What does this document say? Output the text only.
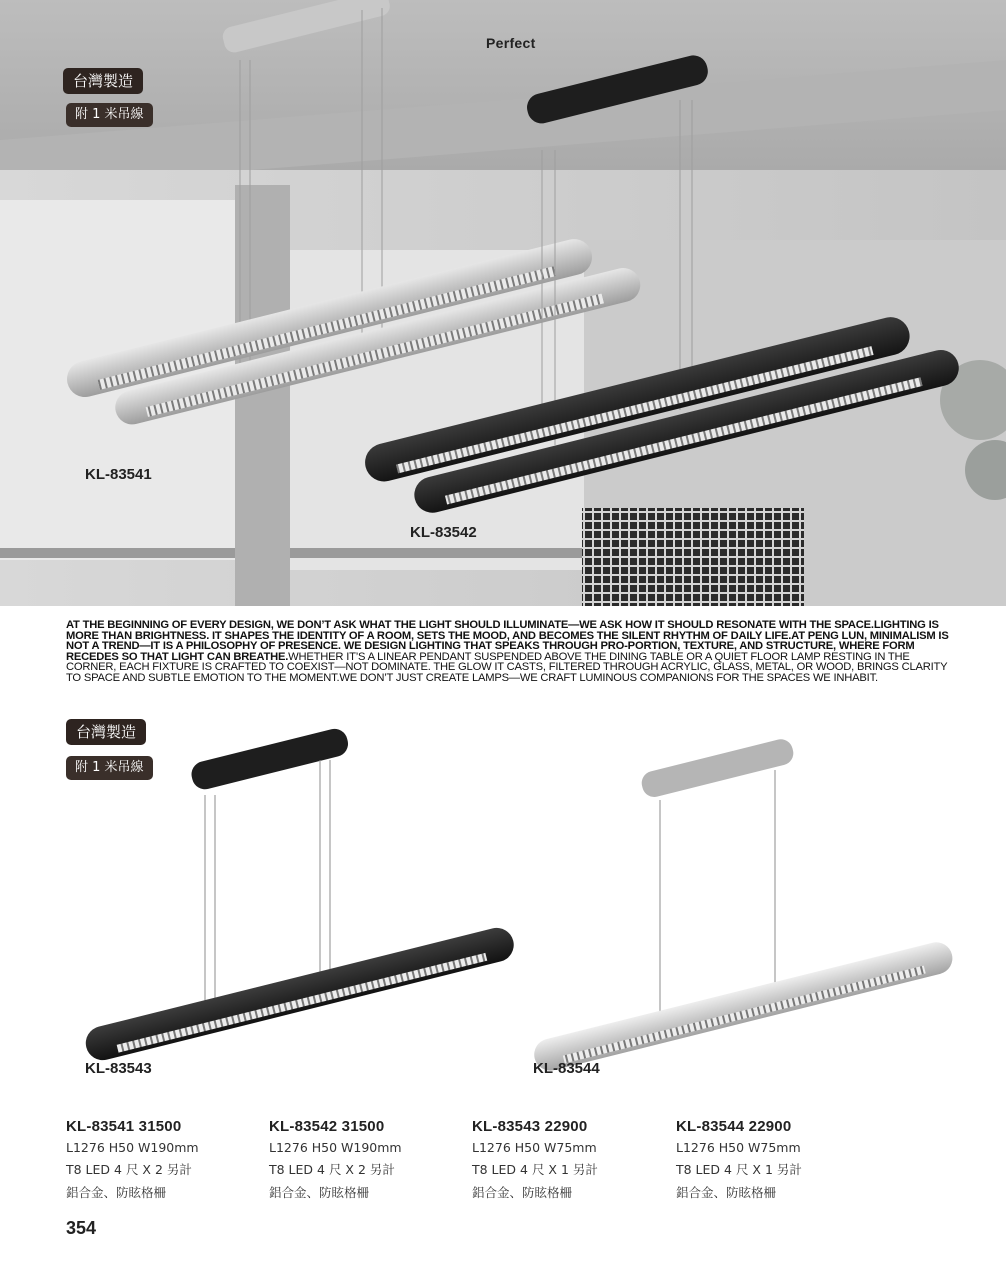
Perfect
台灣製造
附 1 米吊線
KL-83541
KL-83542
AT THE BEGINNING OF EVERY DESIGN, WE DON’T ASK WHAT THE LIGHT SHOULD ILLUMINATE—WE ASK HOW IT SHOULD RESONATE WITH THE SPACE.LIGHTING IS MORE THAN BRIGHTNESS. IT SHAPES THE IDENTITY OF A ROOM, SETS THE MOOD, AND BECOMES THE SILENT RHYTHM OF DAILY LIFE.AT PENG LUN, MINIMALISM IS NOT A TREND—IT IS A PHILOSOPHY OF PRESENCE. WE DESIGN LIGHTING THAT SPEAKS THROUGH PRO-PORTION, TEXTURE, AND STRUCTURE, WHERE FORM RECEDES SO THAT LIGHT CAN BREATHE.WHETHER IT’S A LINEAR PENDANT SUSPENDED ABOVE THE DINING TABLE OR A QUIET FLOOR LAMP RESTING IN THE CORNER, EACH FIXTURE IS CRAFTED TO COEXIST—NOT DOMINATE. THE GLOW IT CASTS, FILTERED THROUGH ACRYLIC, GLASS, METAL, OR WOOD, BRINGS CLARITY TO SPACE AND SUBTLE EMOTION TO THE MOMENT.WE DON’T JUST CREATE LAMPS—WE CRAFT LUMINOUS COMPANIONS FOR THE SPACES WE INHABIT.
台灣製造
附 1 米吊線
KL-83543	KL-83544
KL-83541 31500
L1276 H50 W190mm
T8 LED 4 尺 X 2 另計
鋁合金、防眩格柵
KL-83542 31500
L1276 H50 W190mm
T8 LED 4 尺 X 2 另計
鋁合金、防眩格柵
KL-83543 22900
L1276 H50 W75mm
T8 LED 4 尺 X 1 另計
鋁合金、防眩格柵
KL-83544 22900
L1276 H50 W75mm
T8 LED 4 尺 X 1 另計
鋁合金、防眩格柵
354
